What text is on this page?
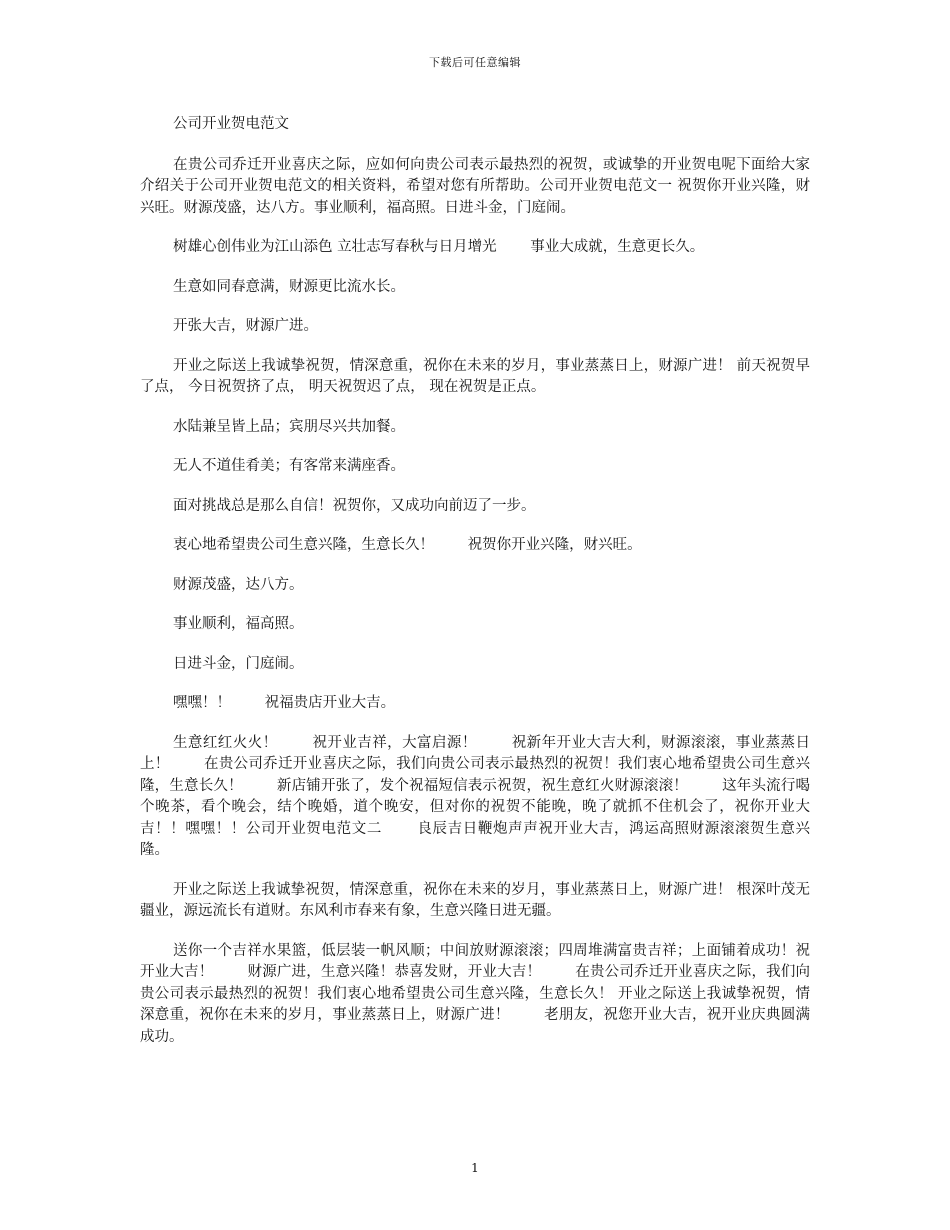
下载后可任意编辑

公司开业贺电范文

在贵公司乔迁开业喜庆之际，应如何向贵公司表示最热烈的祝贺，或诚挚的开业贺电呢下面给大家介绍关于公司开业贺电范文的相关资料，希望对您有所帮助。公司开业贺电范文一 祝贺你开业兴隆，财兴旺。财源茂盛，达八方。事业顺利，福高照。日进斗金，门庭闹。

树雄心创伟业为江山添色 立壮志写春秋与日月增光 　　事业大成就，生意更长久。

生意如同春意满，财源更比流水长。

开张大吉，财源广进。

开业之际送上我诚挚祝贺，情深意重，祝你在未来的岁月，事业蒸蒸日上，财源广进！ 前天祝贺早了点， 今日祝贺挤了点， 明天祝贺迟了点， 现在祝贺是正点。

水陆兼呈皆上品；宾朋尽兴共加餐。

无人不道佳肴美；有客常来满座香。

面对挑战总是那么自信！祝贺你，又成功向前迈了一步。

衷心地希望贵公司生意兴隆，生意长久！ 　　祝贺你开业兴隆，财兴旺。

财源茂盛，达八方。

事业顺利，福高照。

日进斗金，门庭闹。

嘿嘿！！ 　　祝福贵店开业大吉。

生意红红火火！ 　　祝开业吉祥，大富启源！ 　　祝新年开业大吉大利，财源滚滚，事业蒸蒸日上！ 　　在贵公司乔迁开业喜庆之际，我们向贵公司表示最热烈的祝贺！我们衷心地希望贵公司生意兴隆，生意长久！ 　　新店铺开张了，发个祝福短信表示祝贺，祝生意红火财源滚滚！ 　　这年头流行喝个晚茶，看个晚会，结个晚婚，道个晚安，但对你的祝贺不能晚，晚了就抓不住机会了，祝你开业大吉！！嘿嘿！！公司开业贺电范文二 　　良辰吉日鞭炮声声祝开业大吉，鸿运高照财源滚滚贺生意兴隆。

开业之际送上我诚挚祝贺，情深意重，祝你在未来的岁月，事业蒸蒸日上，财源广进！ 根深叶茂无疆业，源远流长有道财。东风利市春来有象，生意兴隆日进无疆。

送你一个吉祥水果篮，低层装一帆风顺；中间放财源滚滚；四周堆满富贵吉祥；上面铺着成功！祝开业大吉！ 　　财源广进，生意兴隆！恭喜发财，开业大吉！ 　　在贵公司乔迁开业喜庆之际，我们向贵公司表示最热烈的祝贺！我们衷心地希望贵公司生意兴隆，生意长久！ 开业之际送上我诚挚祝贺，情深意重，祝你在未来的岁月，事业蒸蒸日上，财源广进！ 　　老朋友，祝您开业大吉，祝开业庆典圆满成功。

1
